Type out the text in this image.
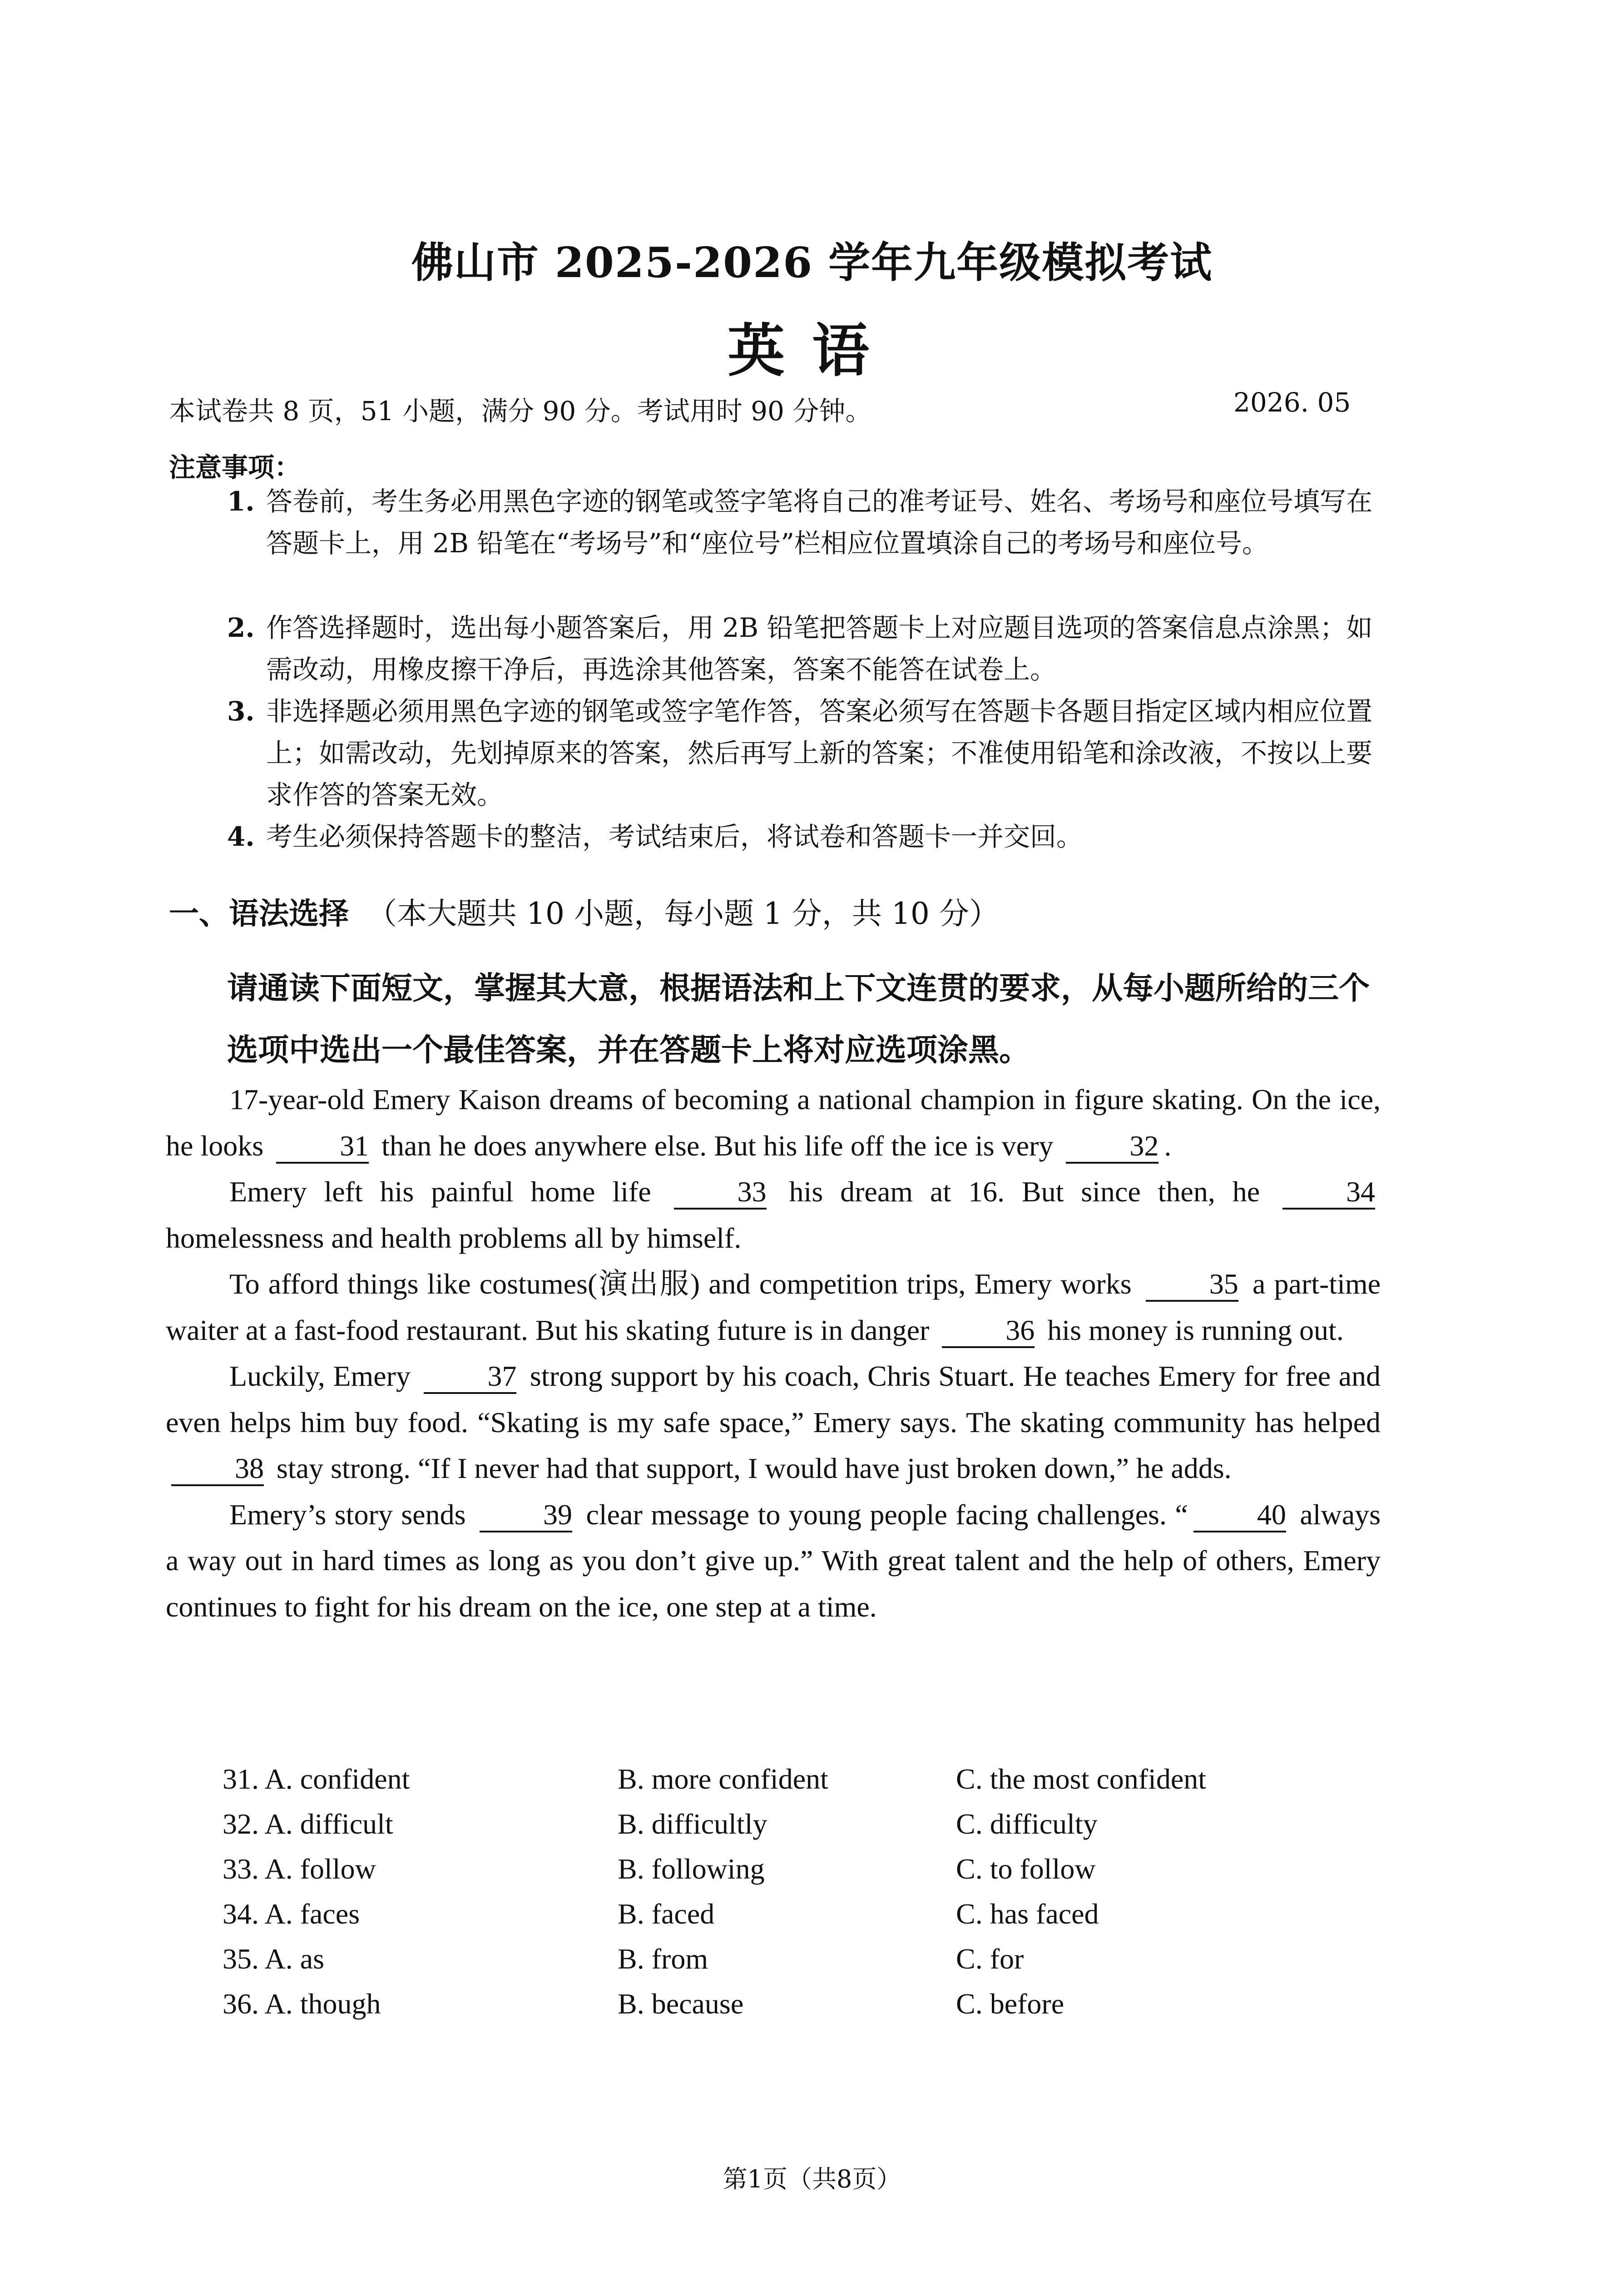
佛山市 2025-2026 学年九年级模拟考试
英语
本试卷共 8 页，51 小题，满分 90 分。考试用时 90 分钟。	2026. 05
注意事项：
1. 答卷前，考生务必用黑色字迹的钢笔或签字笔将自己的准考证号、姓名、考场号和座位号填写在答题卡上，用 2B 铅笔在“考场号”和“座位号”栏相应位置填涂自己的考场号和座位号。
2. 作答选择题时，选出每小题答案后，用 2B 铅笔把答题卡上对应题目选项的答案信息点涂黑；如需改动，用橡皮擦干净后，再选涂其他答案，答案不能答在试卷上。
3. 非选择题必须用黑色字迹的钢笔或签字笔作答，答案必须写在答题卡各题目指定区域内相应位置上；如需改动，先划掉原来的答案，然后再写上新的答案；不准使用铅笔和涂改液，不按以上要求作答的答案无效。
4. 考生必须保持答题卡的整洁，考试结束后，将试卷和答题卡一并交回。
一、语法选择 （本大题共 10 小题，每小题 1 分，共 10 分）
请通读下面短文，掌握其大意，根据语法和上下文连贯的要求，从每小题所给的三个选项中选出一个最佳答案，并在答题卡上将对应选项涂黑。

17-year-old Emery Kaison dreams of becoming a national champion in figure skating. On the ice, he looks	31 than he does anywhere else. But his life off the ice is very	32 .

Emery left his painful home life	33 his dream at 16. But since then, he	34 homelessness and health problems all by himself.

To afford things like costumes(演出服) and competition trips, Emery works	35 a part-time waiter at a fast-food restaurant. But his skating future is in danger	36 his money is running out.

Luckily, Emery	37 strong support by his coach, Chris Stuart. He teaches Emery for free and even helps him buy food. “Skating is my safe space,” Emery says. The skating community has helped 38 stay strong. “If I never had that support, I would have just broken down,” he adds.

Emery’s story sends	39 clear message to young people facing challenges. “ 40 always a way out in hard times as long as you don’t give up.” With great talent and the help of others, Emery continues to fight for his dream on the ice, one step at a time.

31. A. confident	B. more confident	C. the most confident
32. A. difficult	B. difficultly	C. difficulty
33. A. follow	B. following	C. to follow
34. A. faces	B. faced	C. has faced
35. A. as	B. from	C. for
36. A. though	B. because	C. before
第1页（共8页）
